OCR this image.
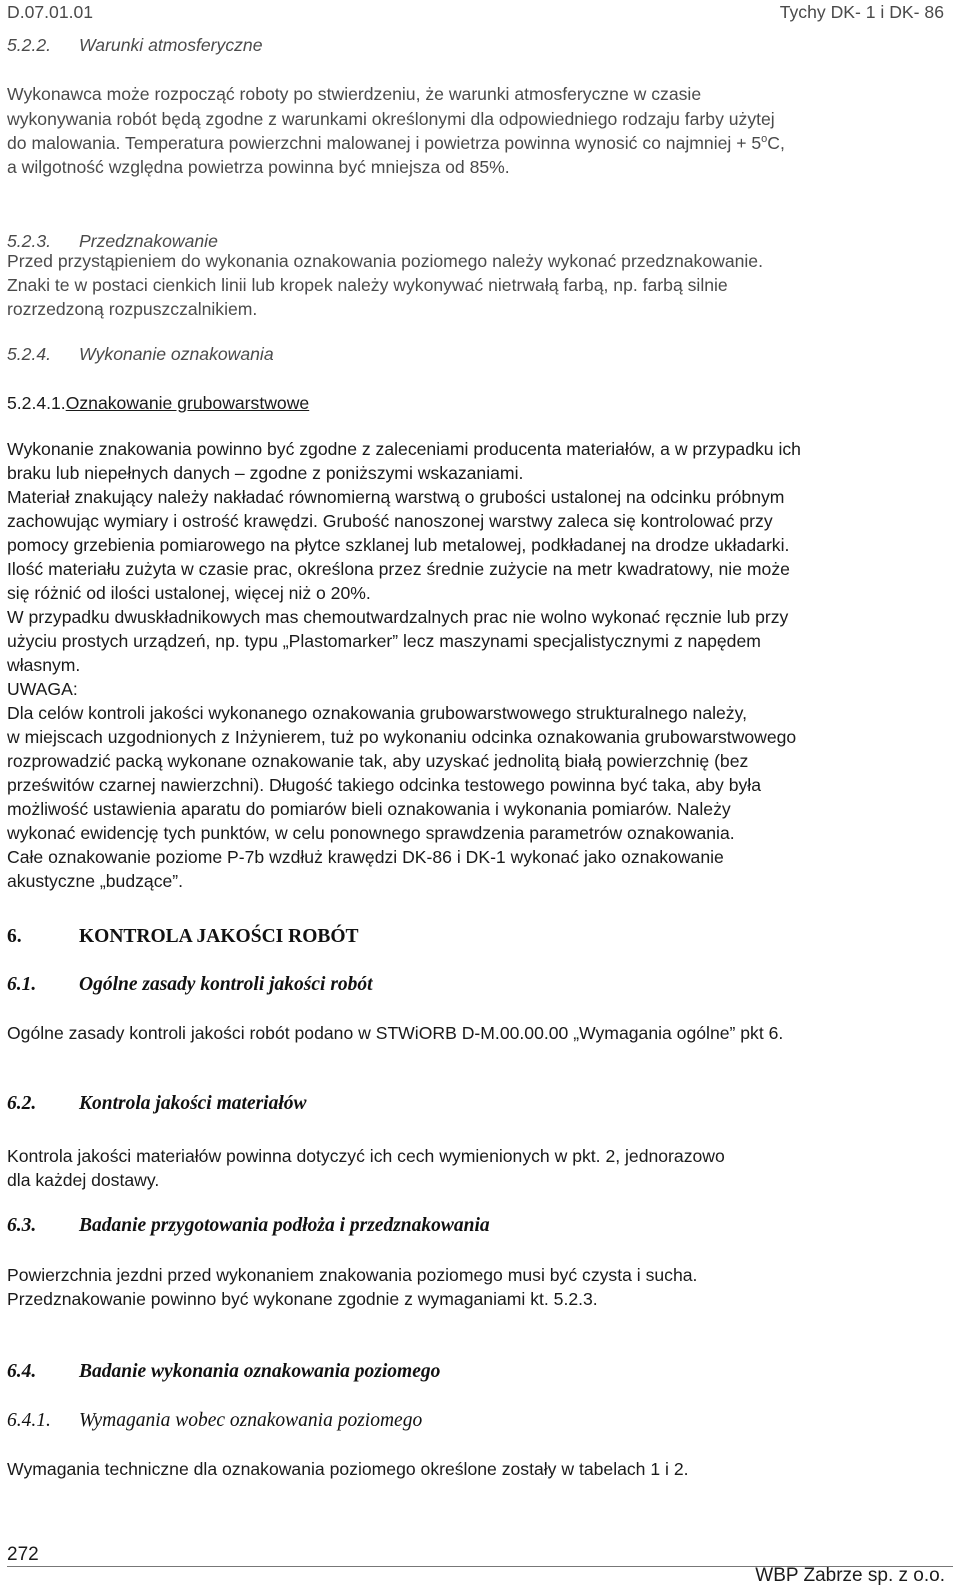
D.07.01.01	Tychy DK- 1 i DK- 86
5.2.2. Warunki atmosferyczne
Wykonawca może rozpocząć roboty po stwierdzeniu, że warunki atmosferyczne w czasie
wykonywania robót będą zgodne z warunkami określonymi dla odpowiedniego rodzaju farby użytej
do malowania. Temperatura powierzchni malowanej i powietrza powinna wynosić co najmniej + $5^oC$,
a wilgotność względna powietrza powinna być mniejsza od 85%.
5.2.3. Przedznakowanie
Przed przystąpieniem do wykonania oznakowania poziomego należy wykonać przedznakowanie.
Znaki te w postaci cienkich linii lub kropek należy wykonywać nietrwałą farbą, np. farbą silnie
rozrzedzoną rozpuszczalnikiem.
5.2.4. Wykonanie oznakowania
5.2.4.1.Oznakowanie grubowarstwowe
Wykonanie znakowania powinno być zgodne z zaleceniami producenta materiałów, a w przypadku ich
braku lub niepełnych danych – zgodne z poniższymi wskazaniami.
Materiał znakujący należy nakładać równomierną warstwą o grubości ustalonej na odcinku próbnym
zachowując wymiary i ostrość krawędzi. Grubość nanoszonej warstwy zaleca się kontrolować przy
pomocy grzebienia pomiarowego na płytce szklanej lub metalowej, podkładanej na drodze układarki.
Ilość materiału zużyta w czasie prac, określona przez średnie zużycie na metr kwadratowy, nie może
się różnić od ilości ustalonej, więcej niż o 20%.
W przypadku dwuskładnikowych mas chemoutwardzalnych prac nie wolno wykonać ręcznie lub przy
użyciu prostych urządzeń, np. typu „Plastomarker” lecz maszynami specjalistycznymi z napędem
własnym.
UWAGA:
Dla celów kontroli jakości wykonanego oznakowania grubowarstwowego strukturalnego należy,
w miejscach uzgodnionych z Inżynierem, tuż po wykonaniu odcinka oznakowania grubowarstwowego
rozprowadzić packą wykonane oznakowanie tak, aby uzyskać jednolitą białą powierzchnię (bez
prześwitów czarnej nawierzchni). Długość takiego odcinka testowego powinna być taka, aby była
możliwość ustawienia aparatu do pomiarów bieli oznakowania i wykonania pomiarów. Należy
wykonać ewidencję tych punktów, w celu ponownego sprawdzenia parametrów oznakowania.
Całe oznakowanie poziome P-7b wzdłuż krawędzi DK-86 i DK-1 wykonać jako oznakowanie
akustyczne „budzące”.
6.	KONTROLA JAKOŚCI ROBÓT
6.1. Ogólne zasady kontroli jakości robót
Ogólne zasady kontroli jakości robót podano w STWiORB D-M.00.00.00 „Wymagania ogólne” pkt 6.
6.2. Kontrola jakości materiałów
Kontrola jakości materiałów powinna dotyczyć ich cech wymienionych w pkt. 2, jednorazowo
dla każdej dostawy.
6.3. Badanie przygotowania podłoża i przedznakowania
Powierzchnia jezdni przed wykonaniem znakowania poziomego musi być czysta i sucha.
Przedznakowanie powinno być wykonane zgodnie z wymaganiami kt. 5.2.3.
6.4. Badanie wykonania oznakowania poziomego
6.4.1. Wymagania wobec oznakowania poziomego
Wymagania techniczne dla oznakowania poziomego określone zostały w tabelach 1 i 2.
272
WBP Zabrze sp. z o.o.
